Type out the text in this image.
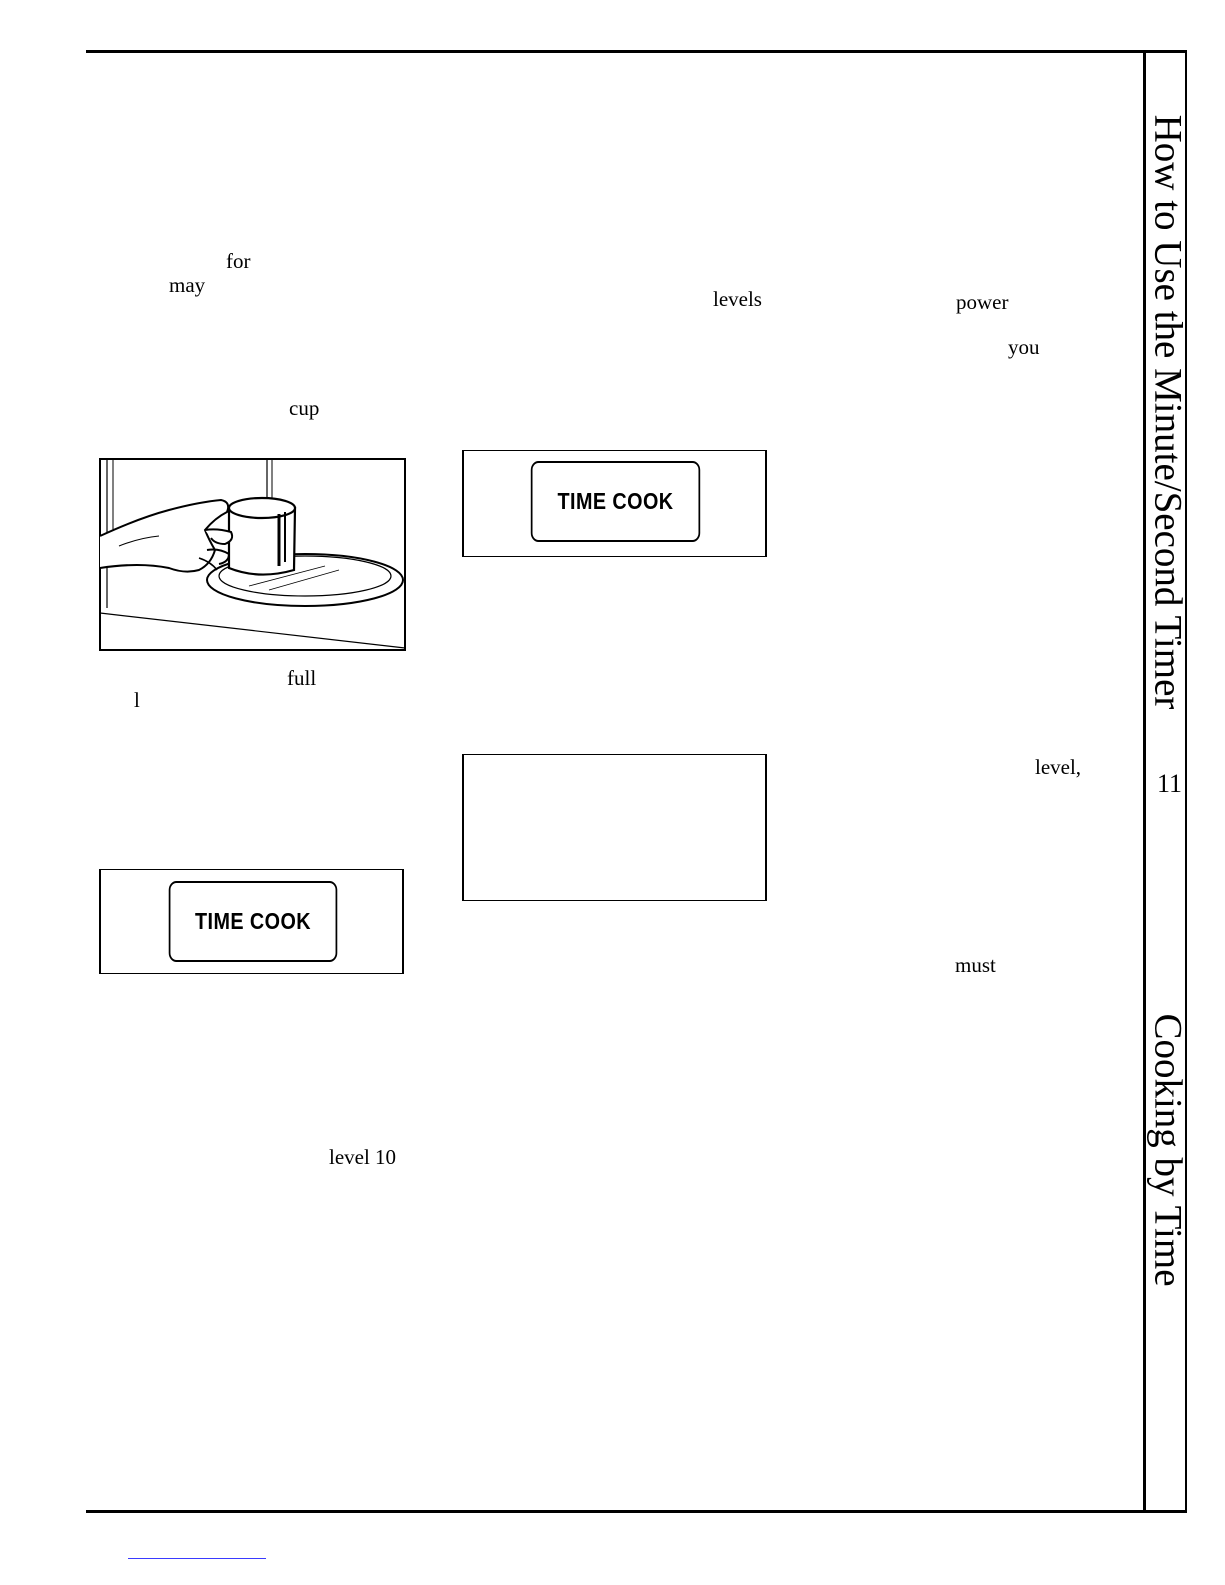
for
may
cup
full
l
level 10
levels	power
you
level,
must
TIME COOK
TIME COOK
How to Use the Minute/Second Timer
11
Cooking by Time
